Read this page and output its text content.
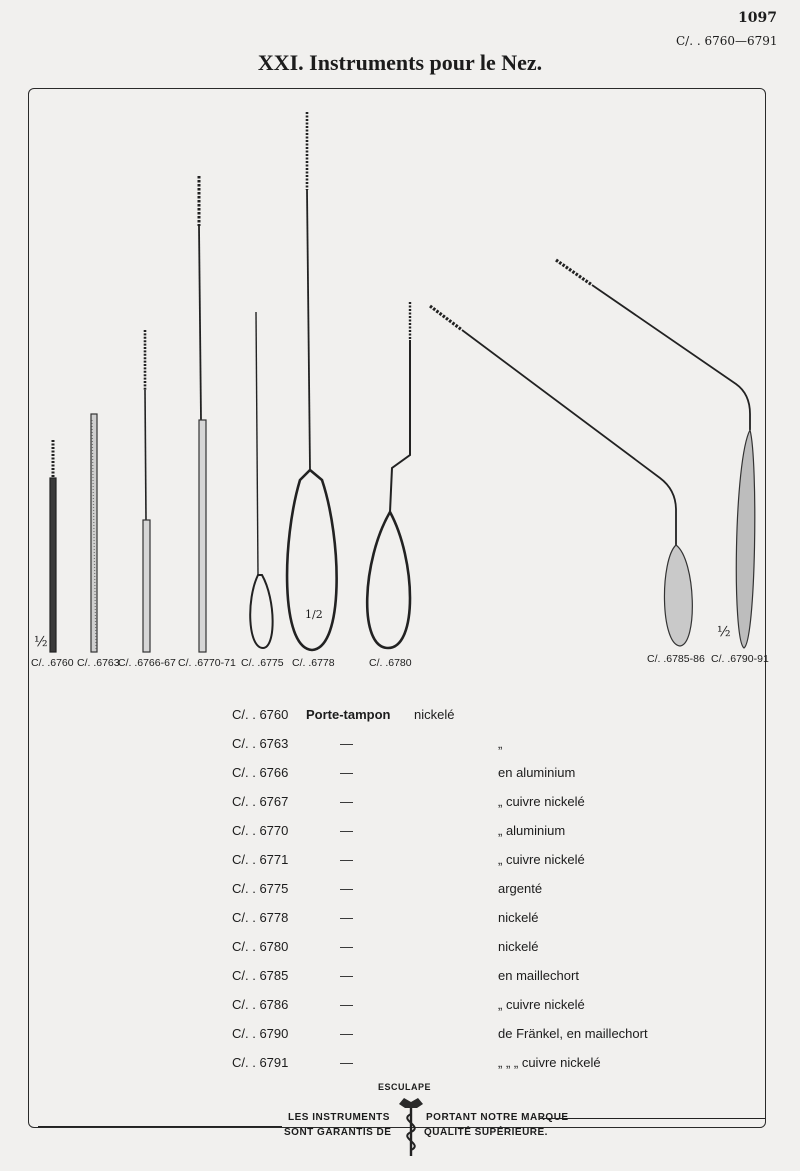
1097
C/. . 6760—6791
XXI. Instruments pour le Nez.
½
½
1/2
C/. .6760 C/. .6763
C/. .6766-67 C/. .6770-71 C/. .6775 C/. .6778	C/. .6780	C/. .6785-86 C/. .6790-91
C/. . 6760	Porte-tampon	nickelé	
C/. . 6763	—		„
C/. . 6766	—		en aluminium
C/. . 6767	—		„ cuivre nickelé
C/. . 6770	—		„ aluminium
C/. . 6771	—		„ cuivre nickelé
C/. . 6775	—		argenté
C/. . 6778	—		nickelé
C/. . 6780	—		nickelé
C/. . 6785	—		en maillechort
C/. . 6786	—		„ cuivre nickelé
C/. . 6790	—		de Fränkel, en maillechort
C/. . 6791	—		„ „ „ cuivre nickelé
ESCULAPE
LES INSTRUMENTS
SONT GARANTIS DE
PORTANT NOTRE MARQUE
QUALITÉ SUPÉRIEURE.
